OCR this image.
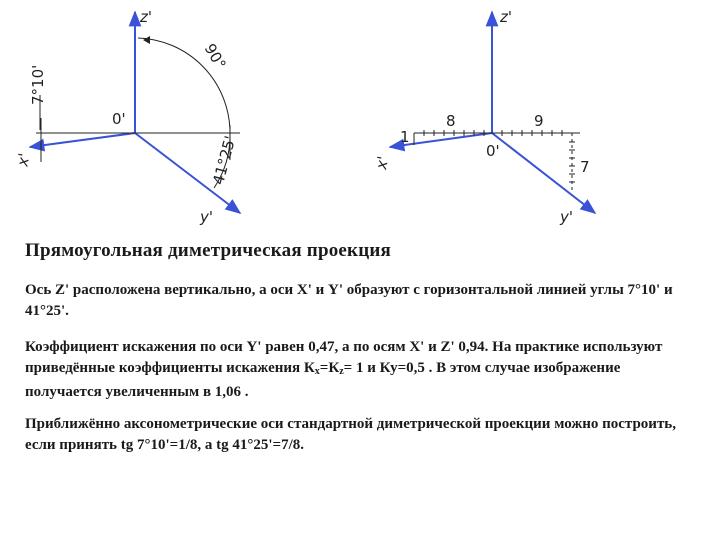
z'
x'
y'
0'
90°
7°10'
41°25'
z'
x'
y'
0'
1
8	9
7
Прямоугольная диметрическая проекция
Ось Z' расположена вертикально, а оси X' и Y' образуют с горизонтальной линией углы 7°10' и 41°25'.
Коэффициент искажения по оси Y' равен 0,47, а по осям X' и Z' 0,94. На практике используют приведённые коэффициенты искажения $К_х=К_z= 1$ и Ку=0,5 . В этом случае изображение получается увеличенным в 1,06 .
Приближённо аксонометрические оси стандартной диметрической проекции можно построить, если принять tg 7°10'=1/8, а tg 41°25'=7/8.
